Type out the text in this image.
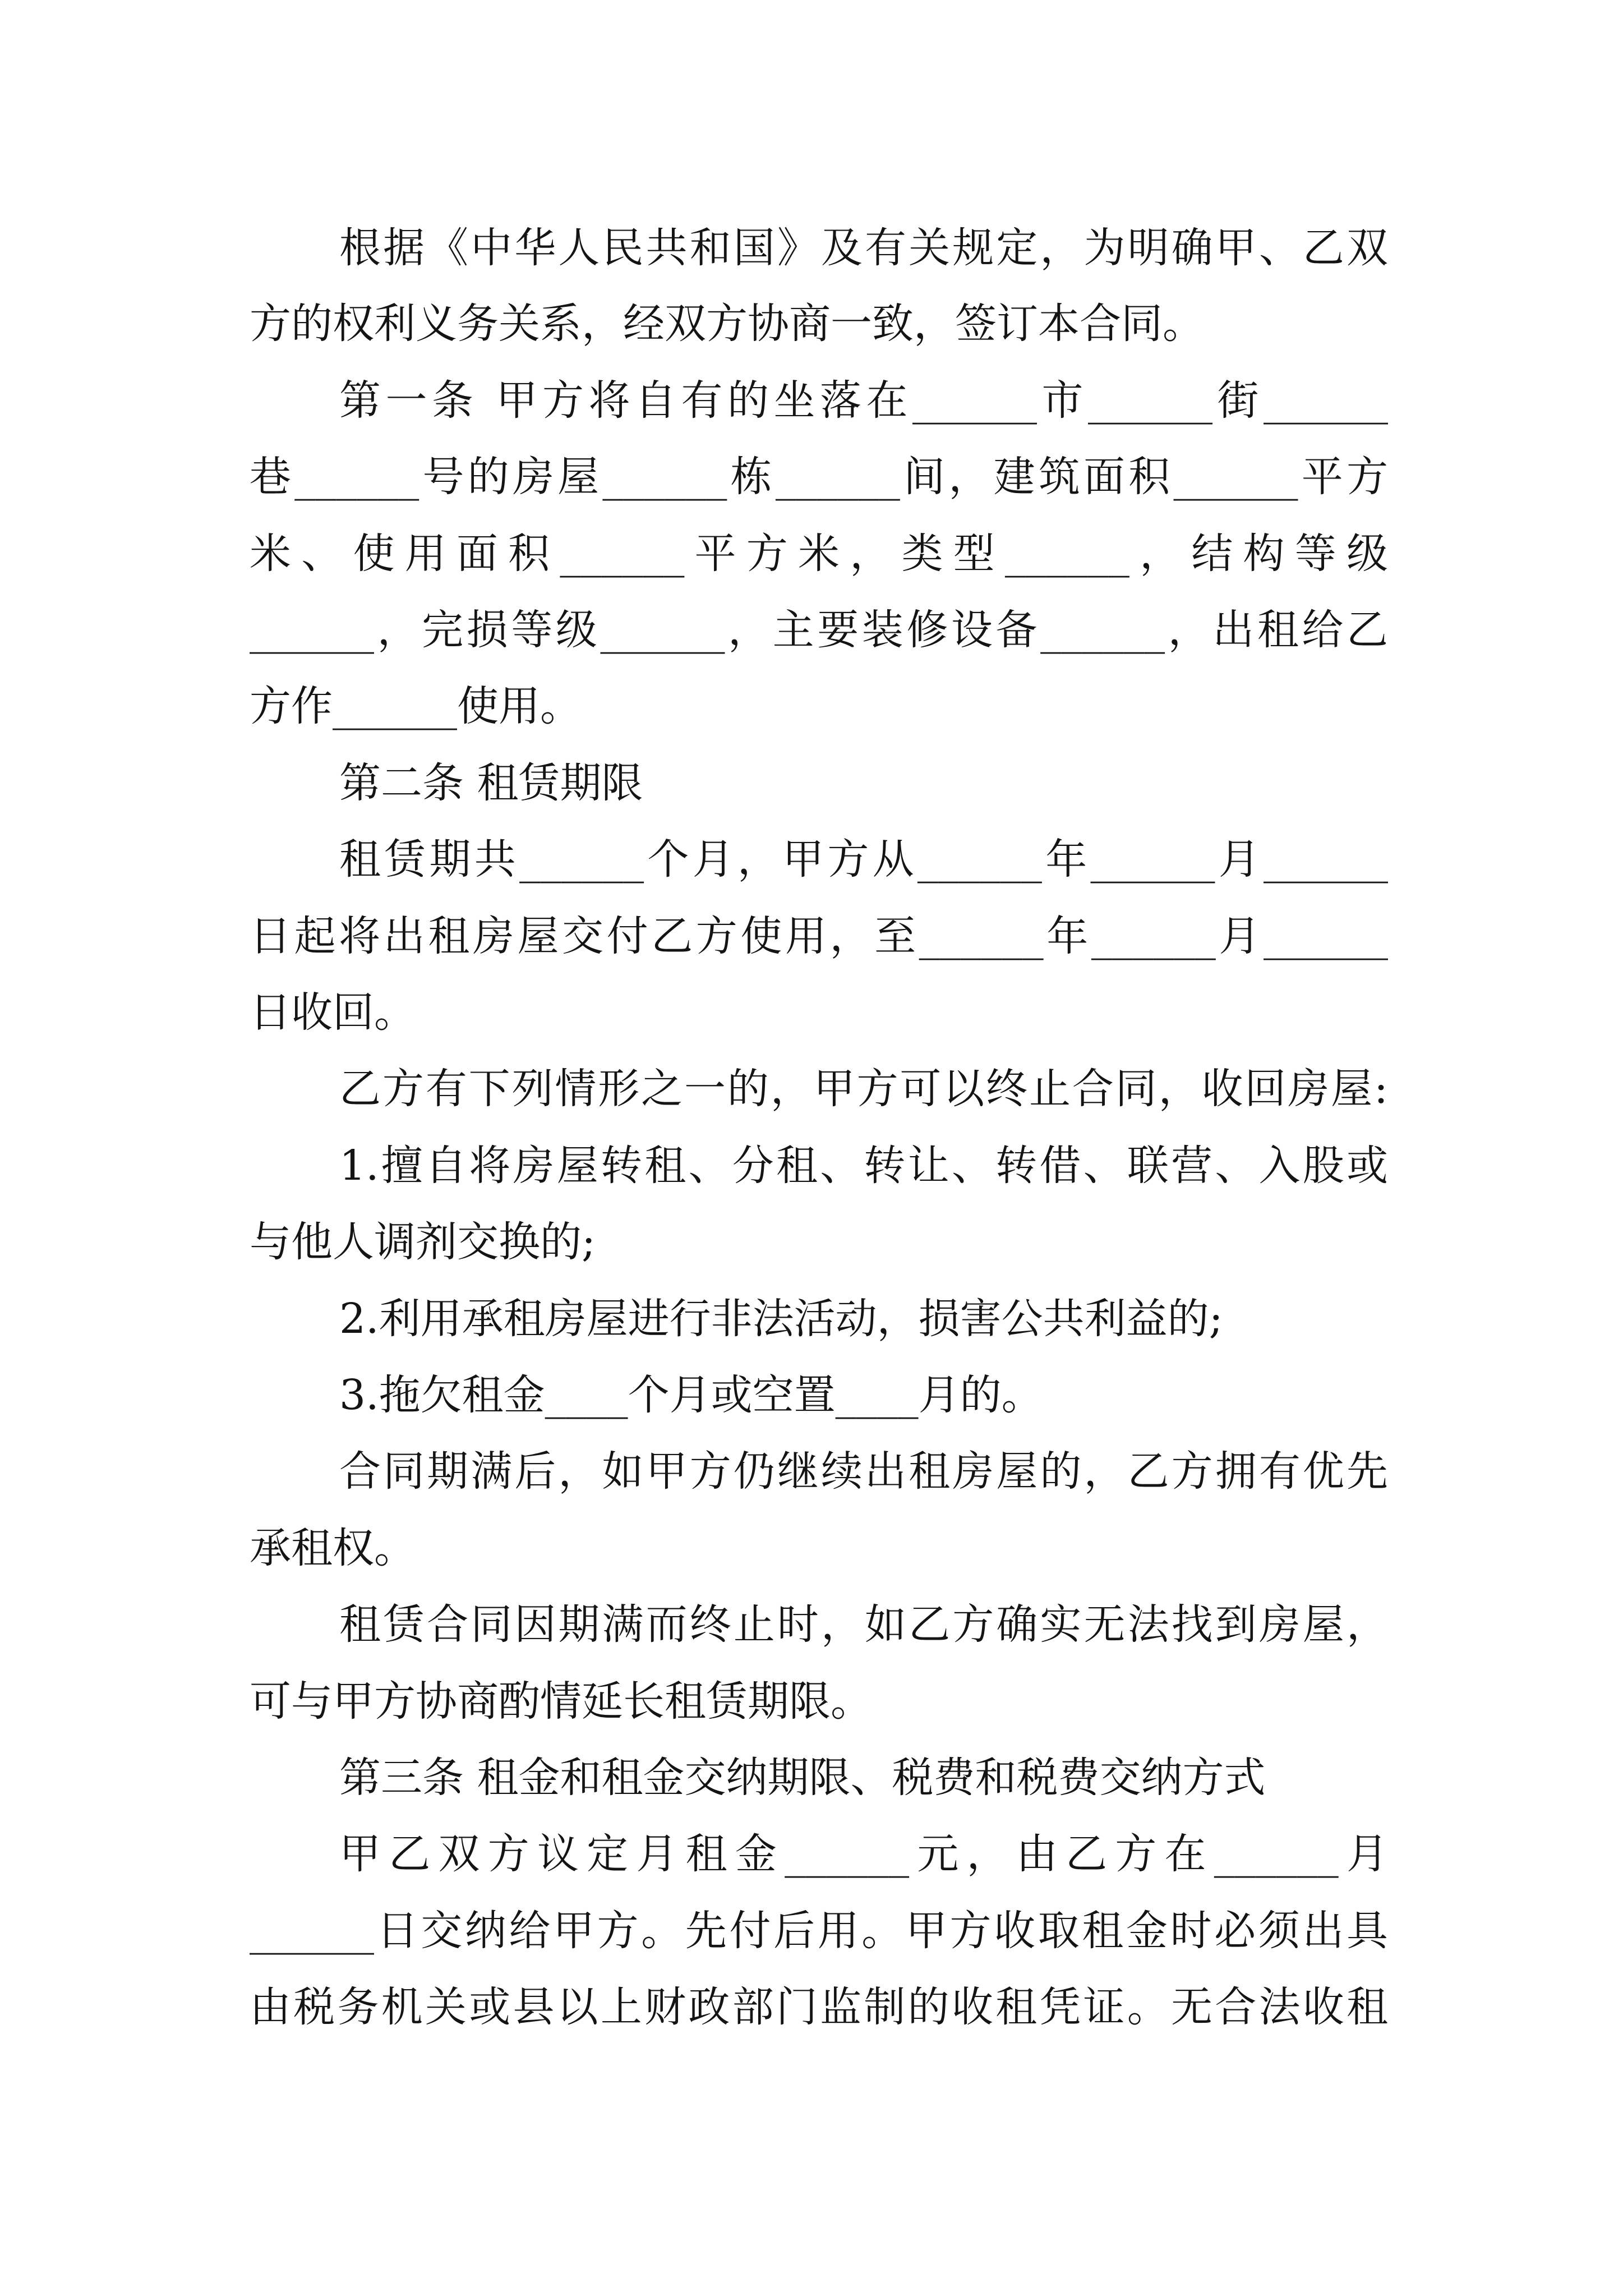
根据《中华人民共和国》及有关规定，为明确甲、乙双
方的权利义务关系，经双方协商一致，签订本合同。
第一条 甲方将自有的坐落在______市______街______
巷______号的房屋______栋______间，建筑面积______平方
米、使用面积______平方米，类型______，结构等级
______，完损等级______，主要装修设备______，出租给乙
方作______使用。
第二条 租赁期限
租赁期共______个月，甲方从______年______月______
日起将出租房屋交付乙方使用，至______年______月______
日收回。
乙方有下列情形之一的，甲方可以终止合同，收回房屋:
1.擅自将房屋转租、分租、转让、转借、联营、入股或
与他人调剂交换的;
2.利用承租房屋进行非法活动，损害公共利益的;
3.拖欠租金____个月或空置____月的。
合同期满后，如甲方仍继续出租房屋的，乙方拥有优先
承租权。
租赁合同因期满而终止时，如乙方确实无法找到房屋，
可与甲方协商酌情延长租赁期限。
第三条 租金和租金交纳期限、税费和税费交纳方式
甲乙双方议定月租金______元，由乙方在______月
______日交纳给甲方。先付后用。甲方收取租金时必须出具
由税务机关或县以上财政部门监制的收租凭证。无合法收租
